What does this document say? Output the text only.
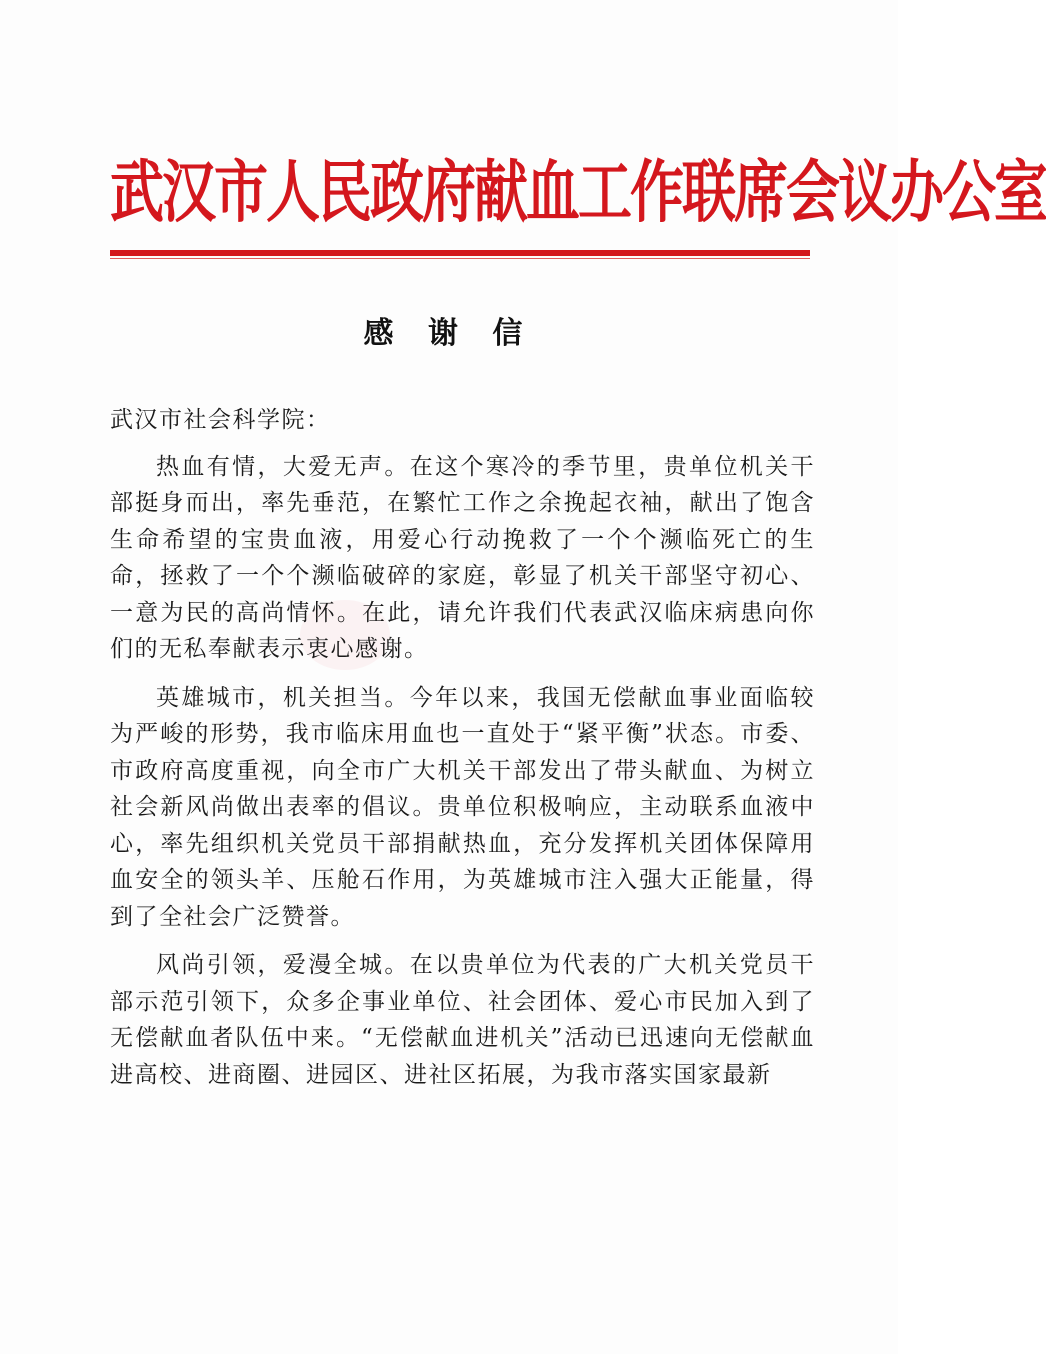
武汉市人民政府献血工作联席会议办公室
感 谢 信

武汉市社会科学院：

热血有情，大爱无声。在这个寒冷的季节里，贵单位机关干部挺身而出，率先垂范，在繁忙工作之余挽起衣袖，献出了饱含生命希望的宝贵血液，用爱心行动挽救了一个个濒临死亡的生命，拯救了一个个濒临破碎的家庭，彰显了机关干部坚守初心、一意为民的高尚情怀。在此，请允许我们代表武汉临床病患向你们的无私奉献表示衷心感谢。

英雄城市，机关担当。今年以来，我国无偿献血事业面临较为严峻的形势，我市临床用血也一直处于“紧平衡”状态。市委、市政府高度重视，向全市广大机关干部发出了带头献血、为树立社会新风尚做出表率的倡议。贵单位积极响应，主动联系血液中心，率先组织机关党员干部捐献热血，充分发挥机关团体保障用血安全的领头羊、压舱石作用，为英雄城市注入强大正能量，得到了全社会广泛赞誉。

风尚引领，爱漫全城。在以贵单位为代表的广大机关党员干部示范引领下，众多企事业单位、社会团体、爱心市民加入到了无偿献血者队伍中来。“无偿献血进机关”活动已迅速向无偿献血进高校、进商圈、进园区、进社区拓展，为我市落实国家最新
